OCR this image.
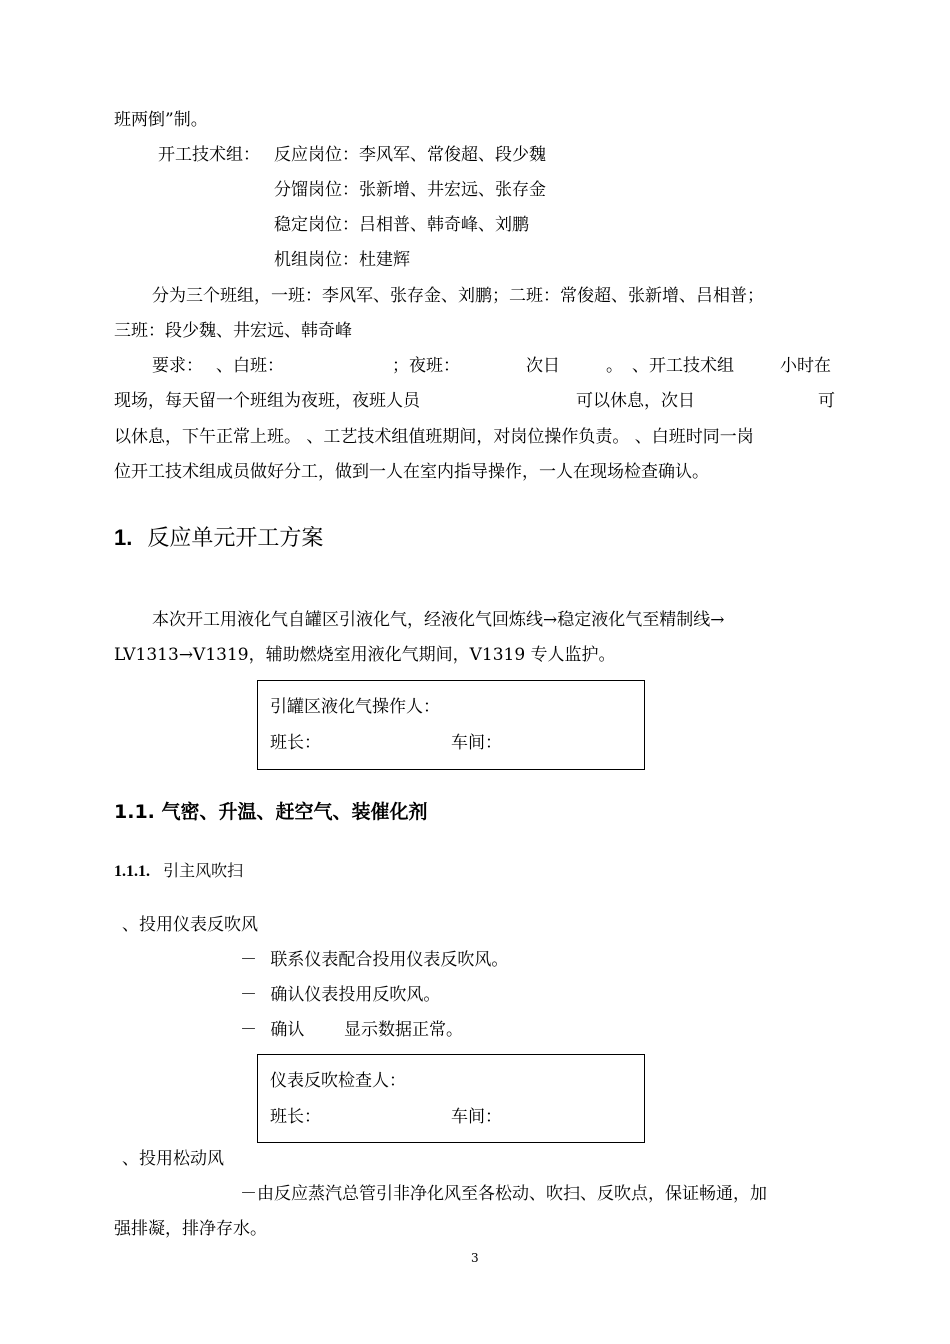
班两倒”制。
开工技术组： 反应岗位：李风军、常俊超、段少魏
分馏岗位：张新增、井宏远、张存金
稳定岗位：吕相普、韩奇峰、刘鹏
机组岗位：杜建辉
分为三个班组，一班：李风军、张存金、刘鹏；二班：常俊超、张新增、吕相普；
三班：段少魏、井宏远、韩奇峰
要求： 、白班：	；夜班：	次日	。 、开工技术组	小时在
现场，每天留一个班组为夜班，夜班人员	可以休息，次日	可
以休息，下午正常上班。 、工艺技术组值班期间，对岗位操作负责。 、白班时同一岗
位开工技术组成员做好分工，做到一人在室内指导操作，一人在现场检查确认。
1. 反应单元开工方案
本次开工用液化气自罐区引液化气，经液化气回炼线→稳定液化气至精制线→
LV1313→V1319，辅助燃烧室用液化气期间，V1319 专人监护。
引罐区液化气操作人：
班长：	车间：
1.1. 气密、升温、赶空气、装催化剂
1.1.1. 引主风吹扫
、投用仪表反吹风
－ 联系仪表配合投用仪表反吹风。
－ 确认仪表投用反吹风。
－ 确认 显示数据正常。
仪表反吹检查人：
班长：	车间：
、投用松动风
－由反应蒸汽总管引非净化风至各松动、吹扫、反吹点，保证畅通，加
强排凝，排净存水。
3
